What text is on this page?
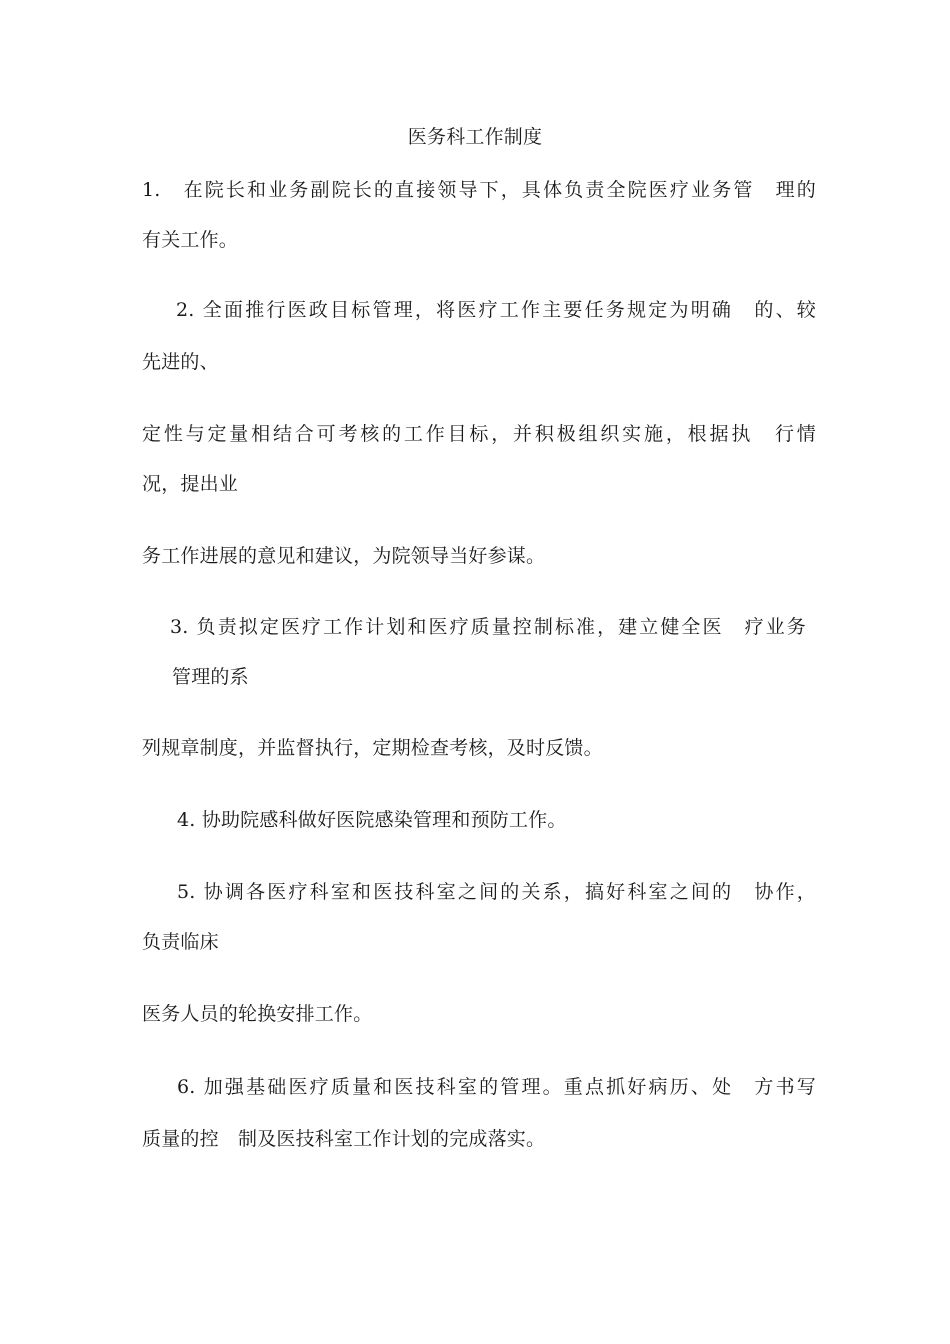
医务科工作制度
1.　在院长和业务副院长的直接领导下，具体负责全院医疗业务管　理的
有关工作。
2. 全面推行医政目标管理，将医疗工作主要任务规定为明确　的、较
先进的、
定性与定量相结合可考核的工作目标，并积极组织实施，根据执　行情
况，提出业
务工作进展的意见和建议，为院领导当好参谋。
3. 负责拟定医疗工作计划和医疗质量控制标准，建立健全医　疗业务
管理的系
列规章制度，并监督执行，定期检查考核，及时反馈。
4. 协助院感科做好医院感染管理和预防工作。
5. 协调各医疗科室和医技科室之间的关系，搞好科室之间的　协作，
负责临床
医务人员的轮换安排工作。
6. 加强基础医疗质量和医技科室的管理。重点抓好病历、处　方书写
质量的控　制及医技科室工作计划的完成落实。
